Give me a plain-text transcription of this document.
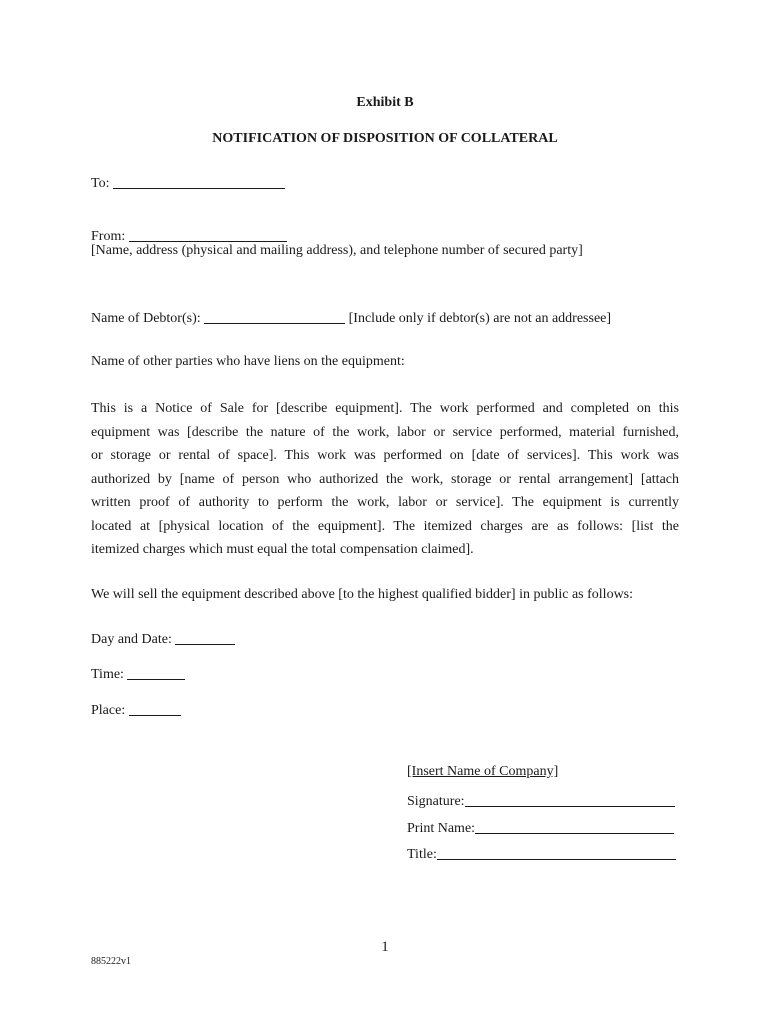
Exhibit B
NOTIFICATION OF DISPOSITION OF COLLATERAL
To:
From:
[Name, address (physical and mailing address), and telephone number of secured party]
Name of Debtor(s):	[Include only if debtor(s) are not an addressee]
Name of other parties who have liens on the equipment:
This is a Notice of Sale for [describe equipment]. The work performed and completed on this
equipment was [describe the nature of the work, labor or service performed, material furnished,
or storage or rental of space]. This work was performed on [date of services]. This work was
authorized by [name of person who authorized the work, storage or rental arrangement] [attach
written proof of authority to perform the work, labor or service]. The equipment is currently
located at [physical location of the equipment]. The itemized charges are as follows: [list the
itemized charges which must equal the total compensation claimed].
We will sell the equipment described above [to the highest qualified bidder] in public as follows:
Day and Date:
Time:
Place:
[Insert Name of Company]
Signature:
Print Name:
Title:
1
885222v1
